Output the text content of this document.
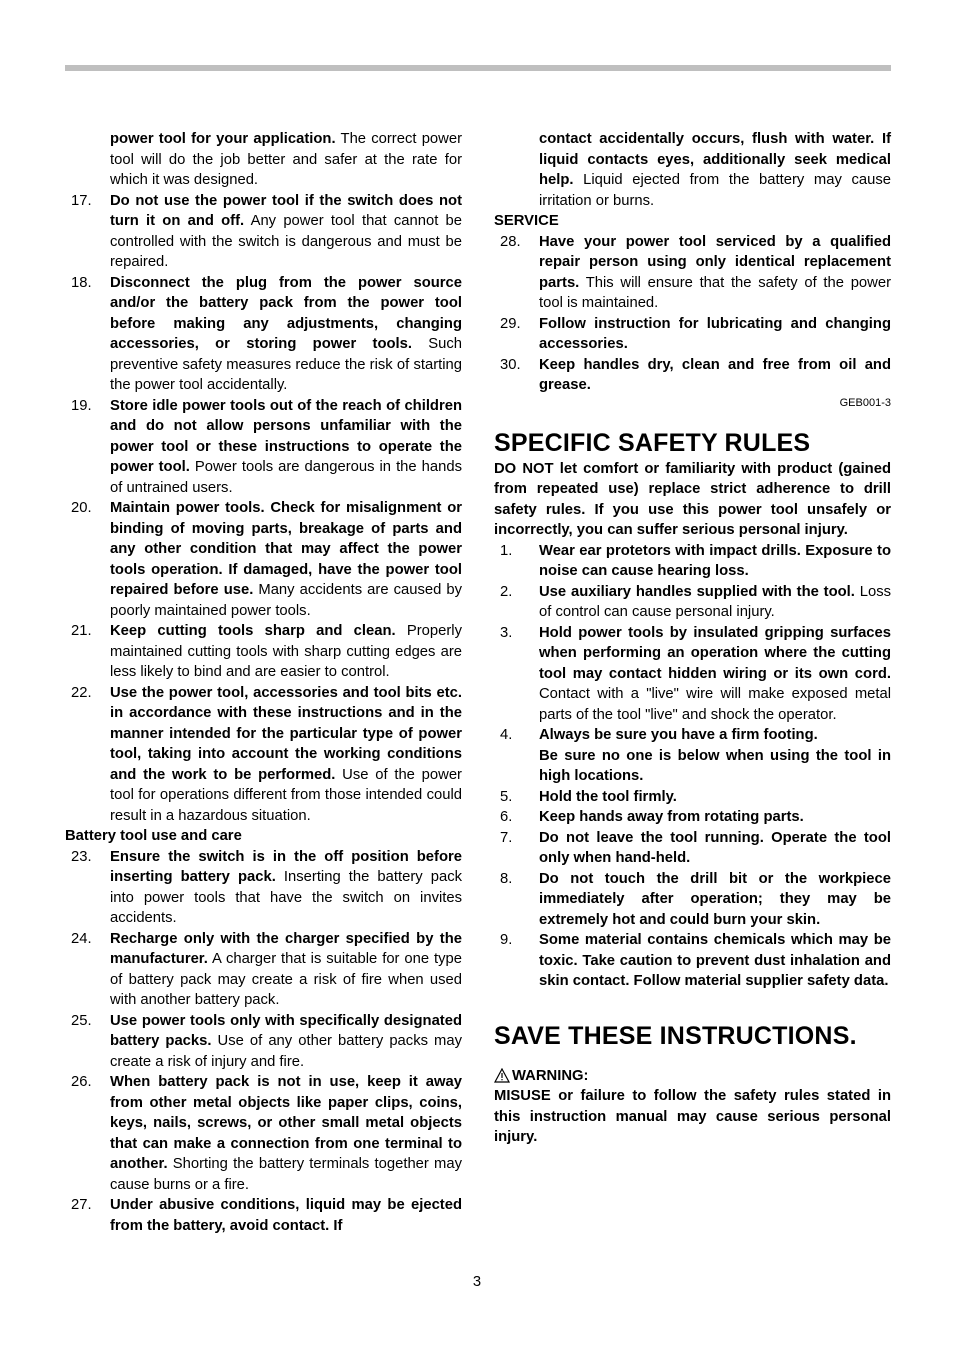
power tool for your application. The correct power tool will do the job better and safer at the rate for which it was designed.

17. Do not use the power tool if the switch does not turn it on and off. Any power tool that cannot be controlled with the switch is dangerous and must be repaired.
18. Disconnect the plug from the power source and/or the battery pack from the power tool before making any adjustments, changing accessories, or storing power tools. Such preventive safety measures reduce the risk of starting the power tool accidentally.
19. Store idle power tools out of the reach of children and do not allow persons unfamiliar with the power tool or these instructions to operate the power tool. Power tools are dangerous in the hands of untrained users.
20. Maintain power tools. Check for misalignment or binding of moving parts, breakage of parts and any other condition that may affect the power tools operation. If damaged, have the power tool repaired before use. Many accidents are caused by poorly maintained power tools.
21. Keep cutting tools sharp and clean. Properly maintained cutting tools with sharp cutting edges are less likely to bind and are easier to control.
22. Use the power tool, accessories and tool bits etc. in accordance with these instructions and in the manner intended for the particular type of power tool, taking into account the working conditions and the work to be performed. Use of the power tool for operations different from those intended could result in a hazardous situation.

Battery tool use and care

23. Ensure the switch is in the off position before inserting battery pack. Inserting the battery pack into power tools that have the switch on invites accidents.
24. Recharge only with the charger specified by the manufacturer. A charger that is suitable for one type of battery pack may create a risk of fire when used with another battery pack.
25. Use power tools only with specifically designated battery packs. Use of any other battery packs may create a risk of injury and fire.
26. When battery pack is not in use, keep it away from other metal objects like paper clips, coins, keys, nails, screws, or other small metal objects that can make a connection from one terminal to another. Shorting the battery terminals together may cause burns or a fire.
27. Under abusive conditions, liquid may be ejected from the battery, avoid contact. If

contact accidentally occurs, flush with water. If liquid contacts eyes, additionally seek medical help. Liquid ejected from the battery may cause irritation or burns.

SERVICE

28. Have your power tool serviced by a qualified repair person using only identical replacement parts. This will ensure that the safety of the power tool is maintained.
29. Follow instruction for lubricating and changing accessories.
30. Keep handles dry, clean and free from oil and grease.

GEB001-3

SPECIFIC SAFETY RULES

DO NOT let comfort or familiarity with product (gained from repeated use) replace strict adherence to drill safety rules. If you use this power tool unsafely or incorrectly, you can suffer serious personal injury.

1. Wear ear protetors with impact drills. Exposure to noise can cause hearing loss.
2. Use auxiliary handles supplied with the tool. Loss of control can cause personal injury.
3. Hold power tools by insulated gripping surfaces when performing an operation where the cutting tool may contact hidden wiring or its own cord. Contact with a "live" wire will make exposed metal parts of the tool "live" and shock the operator.
4. Always be sure you have a firm footing.
Be sure no one is below when using the tool in high locations.
5. Hold the tool firmly.
6. Keep hands away from rotating parts.
7. Do not leave the tool running. Operate the tool only when hand-held.
8. Do not touch the drill bit or the workpiece immediately after operation; they may be extremely hot and could burn your skin.
9. Some material contains chemicals which may be toxic. Take caution to prevent dust inhalation and skin contact. Follow material supplier safety data.
SAVE THESE INSTRUCTIONS.
WARNING:

MISUSE or failure to follow the safety rules stated in this instruction manual may cause serious personal injury.

3
